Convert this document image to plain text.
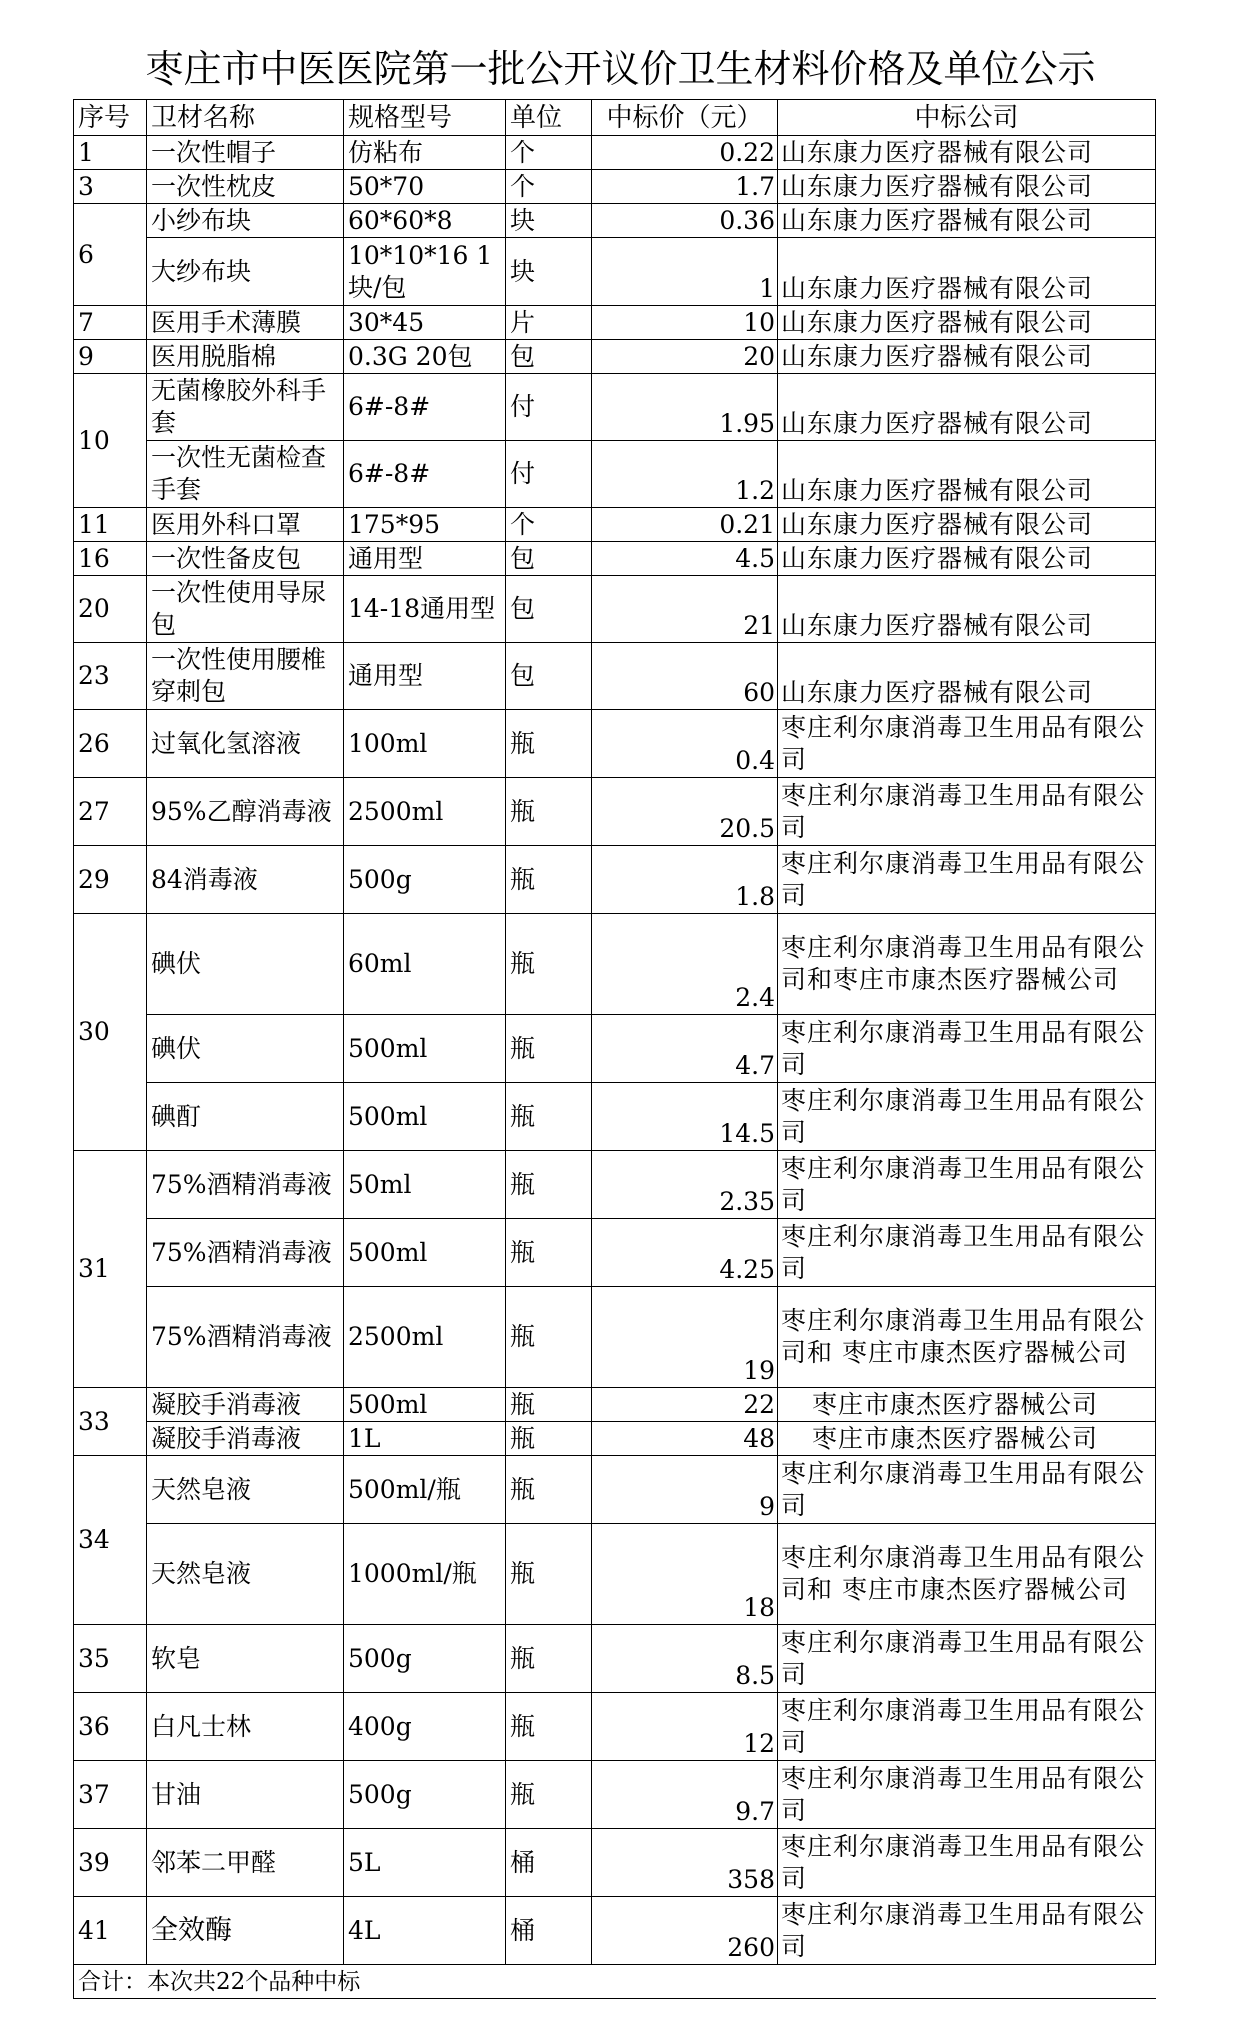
枣庄市中医医院第一批公开议价卫生材料价格及单位公示
序号	卫材名称	规格型号	单位	中标价（元）	中标公司
1	一次性帽子	仿粘布	个	0.22	山东康力医疗器械有限公司
3	一次性枕皮	50*70	个	1.7	山东康力医疗器械有限公司
6	小纱布块	60*60*8	块	0.36	山东康力医疗器械有限公司
	大纱布块	10*10*16 1块/包	块	1	山东康力医疗器械有限公司
7	医用手术薄膜	30*45	片	10	山东康力医疗器械有限公司
9	医用脱脂棉	0.3G 20包	包	20	山东康力医疗器械有限公司
10	无菌橡胶外科手套	6#-8#	付	1.95	山东康力医疗器械有限公司
	一次性无菌检查手套	6#-8#	付	1.2	山东康力医疗器械有限公司
11	医用外科口罩	175*95	个	0.21	山东康力医疗器械有限公司
16	一次性备皮包	通用型	包	4.5	山东康力医疗器械有限公司
20	一次性使用导尿包	14-18通用型	包	21	山东康力医疗器械有限公司
23	一次性使用腰椎穿刺包	通用型	包	60	山东康力医疗器械有限公司
26	过氧化氢溶液	100ml	瓶	0.4	枣庄利尔康消毒卫生用品有限公司
27	95%乙醇消毒液	2500ml	瓶	20.5	枣庄利尔康消毒卫生用品有限公司
29	84消毒液	500g	瓶	1.8	枣庄利尔康消毒卫生用品有限公司
30	碘伏	60ml	瓶	2.4	枣庄利尔康消毒卫生用品有限公司和枣庄市康杰医疗器械公司
	碘伏	500ml	瓶	4.7	枣庄利尔康消毒卫生用品有限公司
	碘酊	500ml	瓶	14.5	枣庄利尔康消毒卫生用品有限公司
31	75%酒精消毒液	50ml	瓶	2.35	枣庄利尔康消毒卫生用品有限公司
	75%酒精消毒液	500ml	瓶	4.25	枣庄利尔康消毒卫生用品有限公司
	75%酒精消毒液	2500ml	瓶	19	枣庄利尔康消毒卫生用品有限公司和 枣庄市康杰医疗器械公司
33	凝胶手消毒液	500ml	瓶	22	枣庄市康杰医疗器械公司
	凝胶手消毒液	1L	瓶	48	枣庄市康杰医疗器械公司
34	天然皂液	500ml/瓶	瓶	9	枣庄利尔康消毒卫生用品有限公司
	天然皂液	1000ml/瓶	瓶	18	枣庄利尔康消毒卫生用品有限公司和 枣庄市康杰医疗器械公司
35	软皂	500g	瓶	8.5	枣庄利尔康消毒卫生用品有限公司
36	白凡士林	400g	瓶	12	枣庄利尔康消毒卫生用品有限公司
37	甘油	500g	瓶	9.7	枣庄利尔康消毒卫生用品有限公司
39	邻苯二甲醛	5L	桶	358	枣庄利尔康消毒卫生用品有限公司
41	全效酶	4L	桶	260	枣庄利尔康消毒卫生用品有限公司
合计：本次共22个品种中标					
